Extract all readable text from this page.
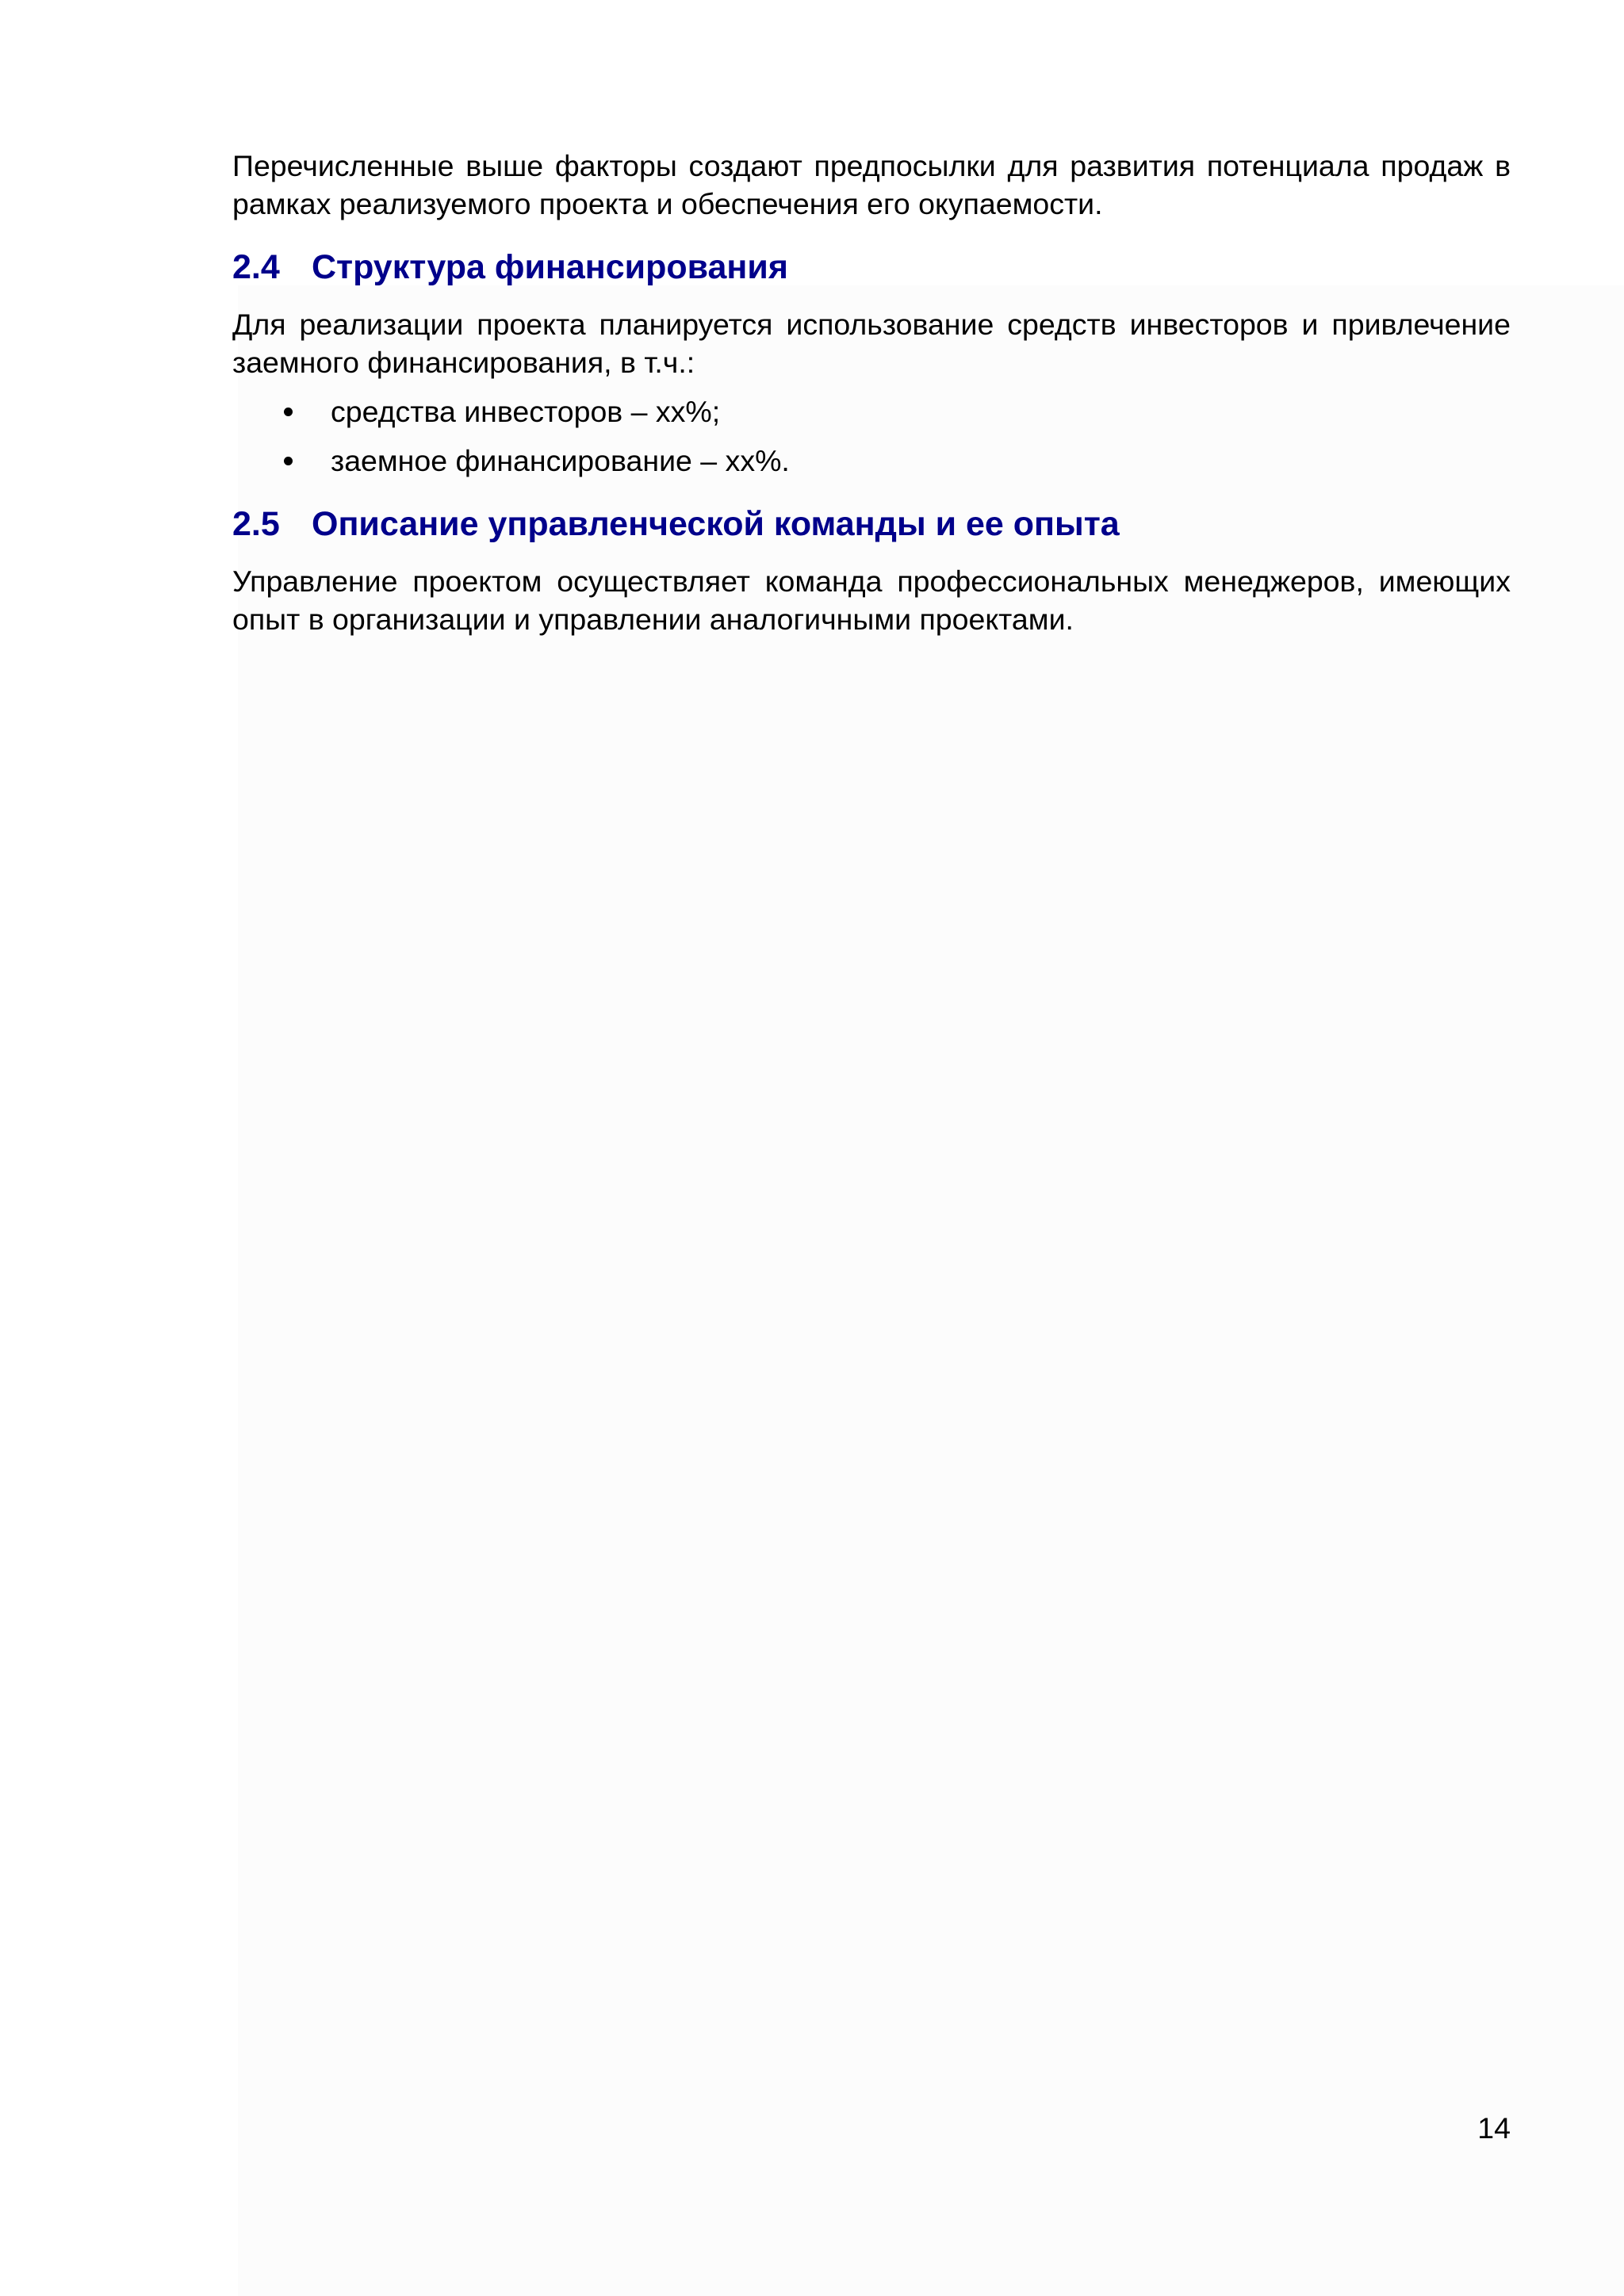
Перечисленные выше факторы создают предпосылки для развития потенциала продаж в рамках реализуемого проекта и обеспечения его окупаемости.

2.4 Структура финансирования

Для реализации проекта планируется использование средств инвесторов и привлечение заемного финансирования, в т.ч.:

средства инвесторов – хх%;
заемное финансирование – хх%.
2.5 Описание управленческой команды и ее опыта

Управление проектом осуществляет команда профессиональных менеджеров, имеющих опыт в организации и управлении аналогичными проектами.

14
